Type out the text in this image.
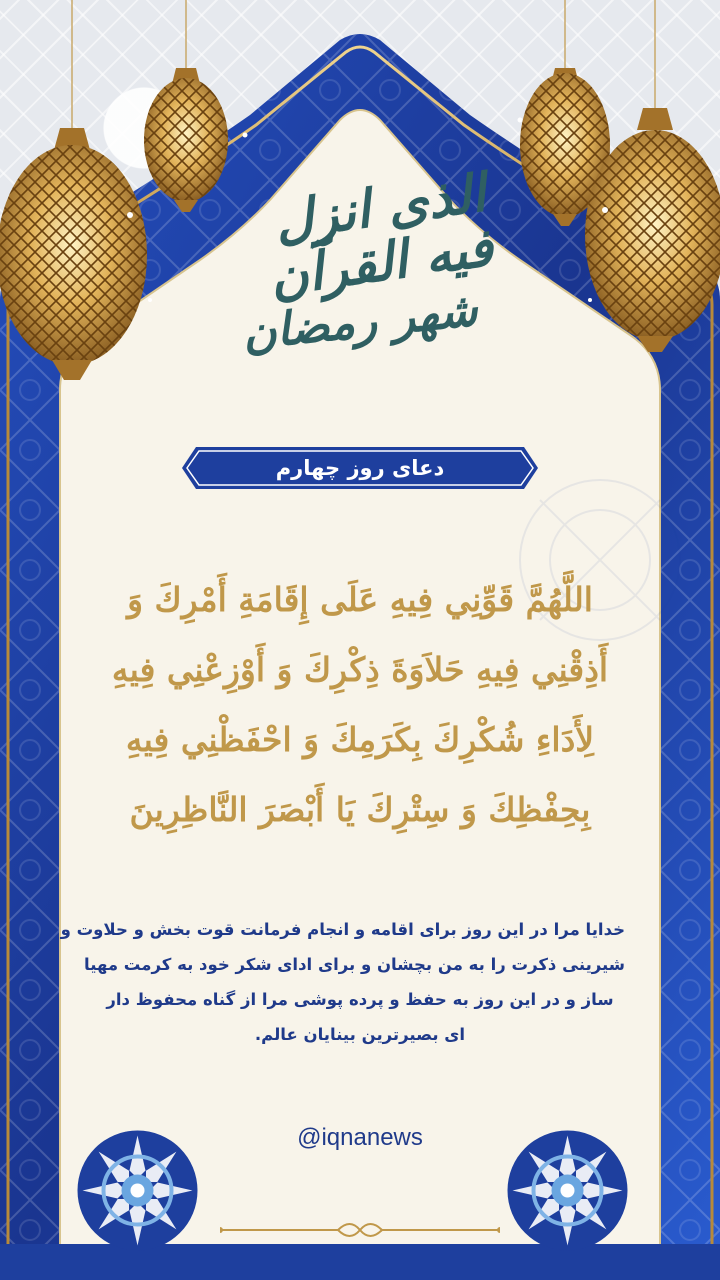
الذی انزل فیه القرآن
شهر رمضان
دعای روز چهارم
اللَّهُمَّ قَوِّنِي فِيهِ عَلَى إِقَامَةِ أَمْرِكَ وَ
أَذِقْنِي فِيهِ حَلاَوَةَ ذِكْرِكَ وَ أَوْزِعْنِي فِيهِ
لِأَدَاءِ شُكْرِكَ بِكَرَمِكَ وَ احْفَظْنِي فِيهِ
بِحِفْظِكَ وَ سِتْرِكَ يَا أَبْصَرَ النَّاظِرِينَ
خدایا مرا در این روز برای اقامه و انجام فرمانت قوت بخش و حلاوت و
شیرینی ذکرت را به من بچشان و برای ادای شکر خود به کرمت مهیا
ساز و در این روز به حفظ و پرده پوشی مرا از گناه محفوظ دار
ای بصیرترین بینایان عالم.
@iqnanews
